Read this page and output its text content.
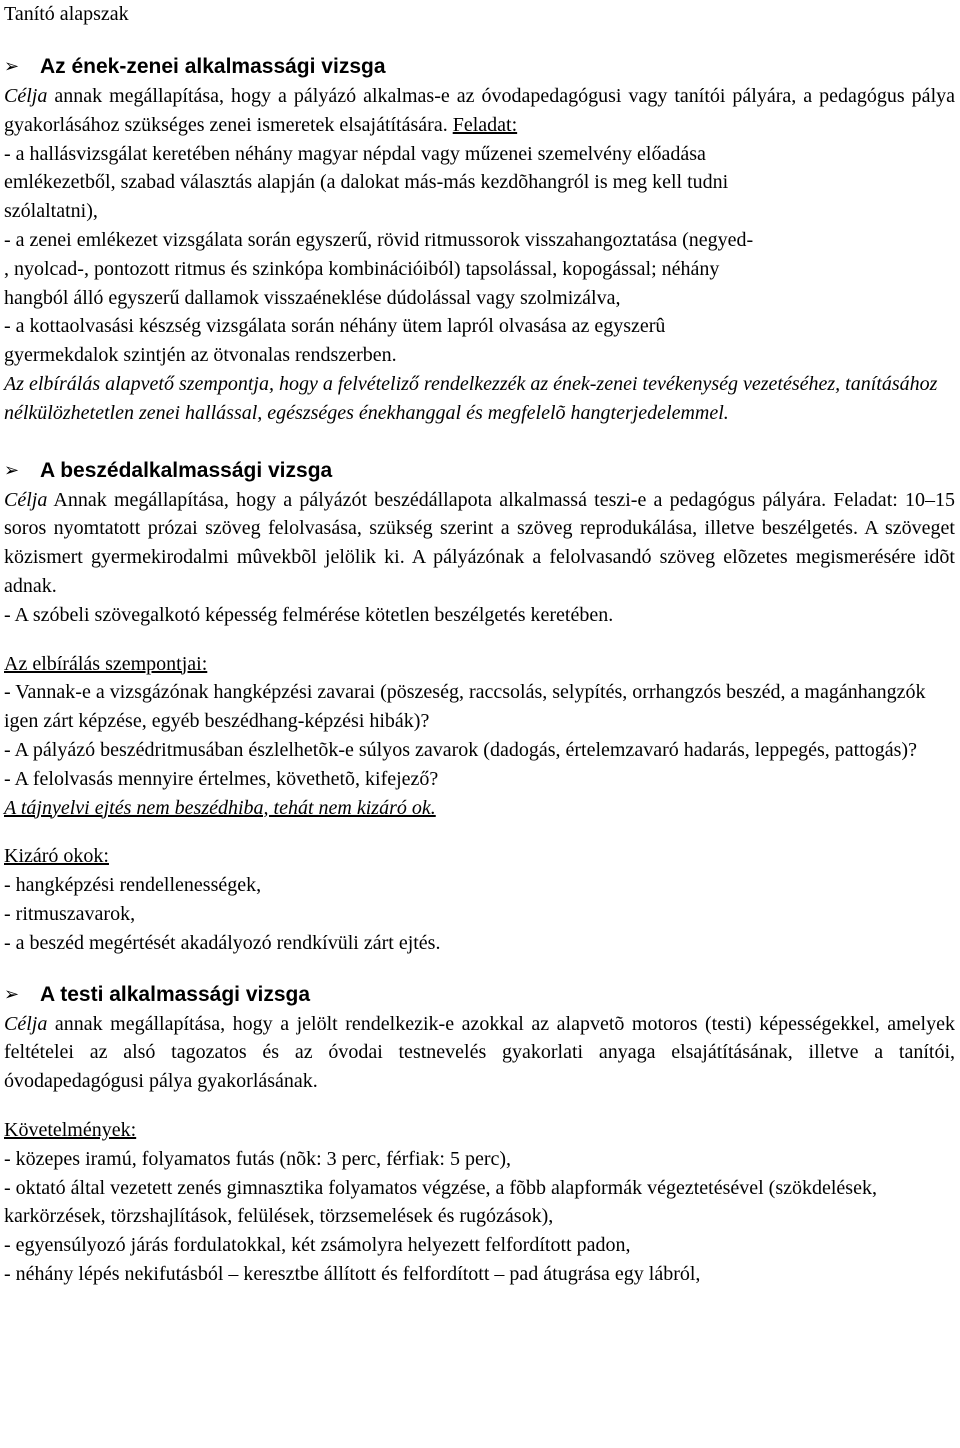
Tanító alapszak

➢ Az ének-zenei alkalmassági vizsga

Célja annak megállapítása, hogy a pályázó alkalmas-e az óvodapedagógusi vagy tanítói pályára, a pedagógus pálya gyakorlásához szükséges zenei ismeretek elsajátítására. Feladat:

- a hallásvizsgálat keretében néhány magyar népdal vagy műzenei szemelvény előadása

emlékezetből, szabad választás alapján (a dalokat más-más kezdõhangról is meg kell tudni

szólaltatni),

- a zenei emlékezet vizsgálata során egyszerű, rövid ritmussorok visszahangoztatása (negyed-

, nyolcad-, pontozott ritmus és szinkópa kombinációiból) tapsolással, kopogással; néhány

hangból álló egyszerű dallamok visszaéneklése dúdolással vagy szolmizálva,

- a kottaolvasási készség vizsgálata során néhány ütem lapról olvasása az egyszerû

gyermekdalok szintjén az ötvonalas rendszerben.

Az elbírálás alapvető szempontja, hogy a felvételiző rendelkezzék az ének-zenei tevékenység vezetéséhez, tanításához nélkülözhetetlen zenei hallással, egészséges énekhanggal és megfelelõ hangterjedelemmel.

➢ A beszédalkalmassági vizsga

Célja Annak megállapítása, hogy a pályázót beszédállapota alkalmassá teszi-e a pedagógus pályára. Feladat: 10–15 soros nyomtatott prózai szöveg felolvasása, szükség szerint a szöveg reprodukálása, illetve beszélgetés. A szöveget közismert gyermekirodalmi mûvekbõl jelölik ki. A pályázónak a felolvasandó szöveg elõzetes megismerésére idõt adnak.

- A szóbeli szövegalkotó képesség felmérése kötetlen beszélgetés keretében.

Az elbírálás szempontjai:

- Vannak-e a vizsgázónak hangképzési zavarai (pöszeség, raccsolás, selypítés, orrhangzós beszéd, a magánhangzók igen zárt képzése, egyéb beszédhang-képzési hibák)?

- A pályázó beszédritmusában észlelhetõk-e súlyos zavarok (dadogás, értelemzavaró hadarás, leppegés, pattogás)?

- A felolvasás mennyire értelmes, követhetõ, kifejező?

A tájnyelvi ejtés nem beszédhiba, tehát nem kizáró ok.

Kizáró okok:

- hangképzési rendellenességek,

- ritmuszavarok,

- a beszéd megértését akadályozó rendkívüli zárt ejtés.

➢ A testi alkalmassági vizsga

Célja annak megállapítása, hogy a jelölt rendelkezik-e azokkal az alapvetõ motoros (testi) képességekkel, amelyek feltételei az alsó tagozatos és az óvodai testnevelés gyakorlati anyaga elsajátításának, illetve a tanítói, óvodapedagógusi pálya gyakorlásának.

Követelmények:

- közepes iramú, folyamatos futás (nõk: 3 perc, férfiak: 5 perc),

- oktató által vezetett zenés gimnasztika folyamatos végzése, a fõbb alapformák végeztetésével (szökdelések, karkörzések, törzshajlítások, felülések, törzsemelések és rugózások),

- egyensúlyozó járás fordulatokkal, két zsámolyra helyezett felfordított padon,

- néhány lépés nekifutásból – keresztbe állított és felfordított – pad átugrása egy lábról,
